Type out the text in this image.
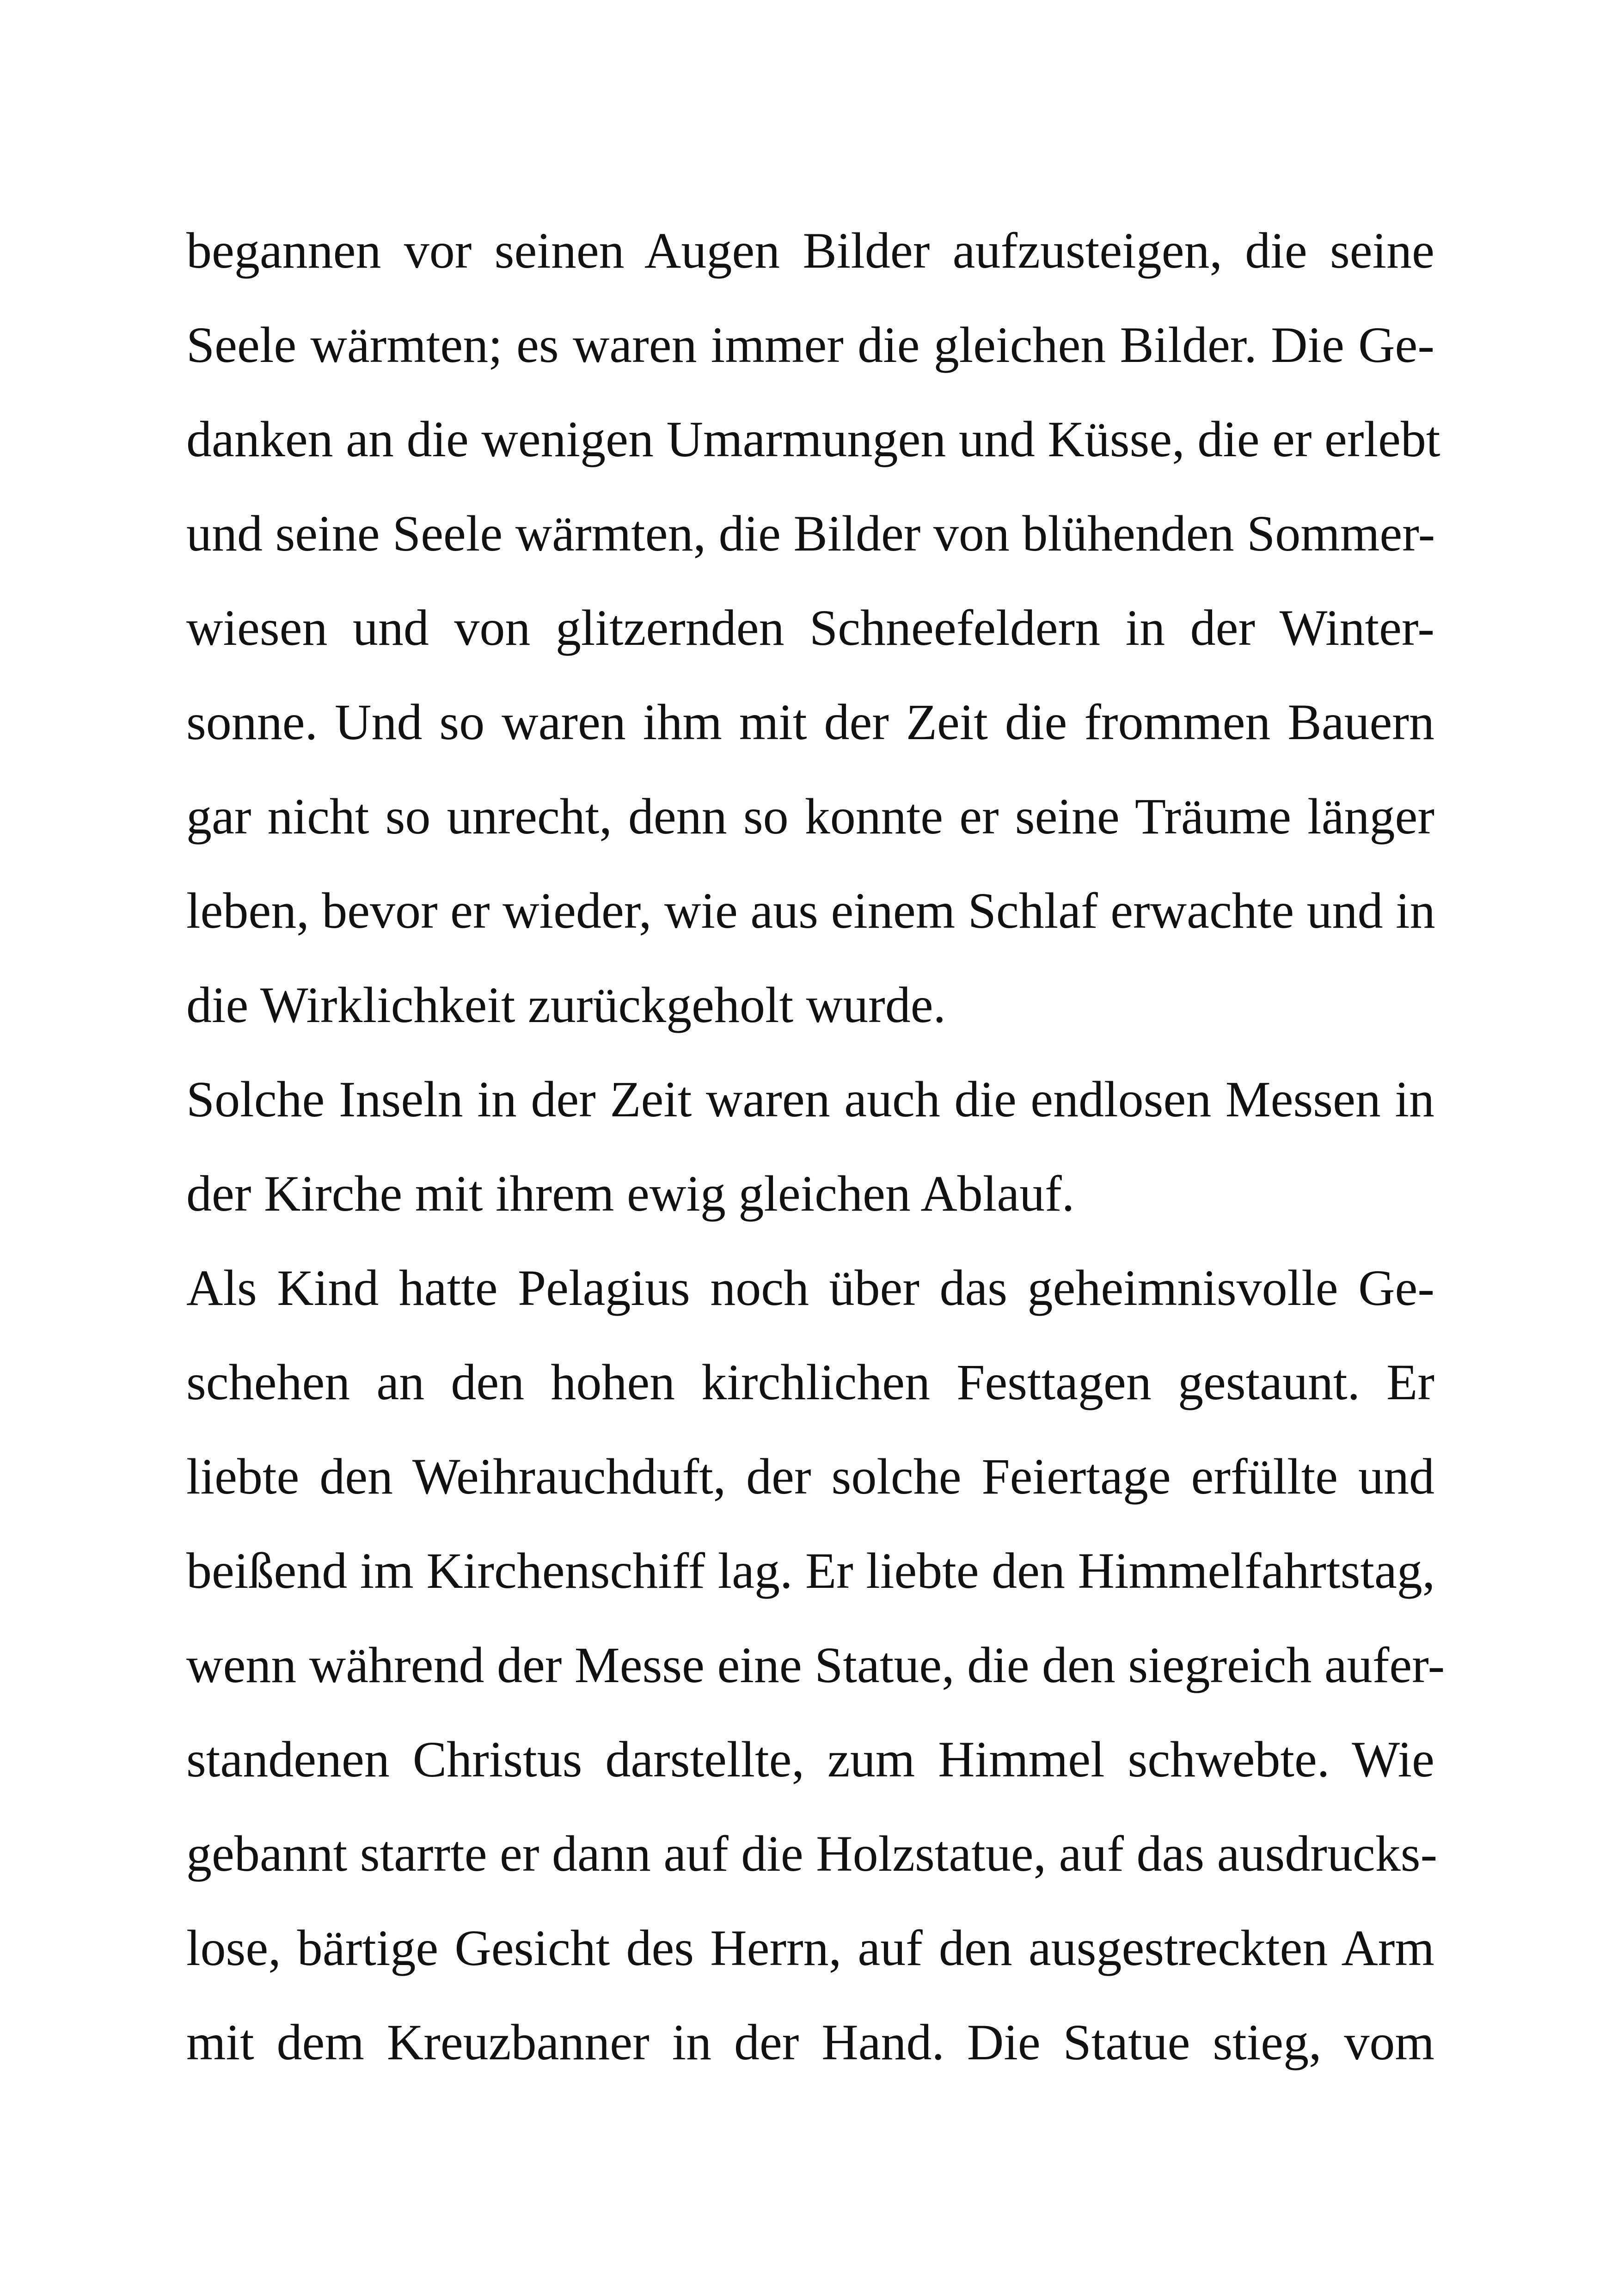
begannen vor seinen Augen Bilder aufzusteigen, die seine
Seele wärmten; es waren immer die gleichen Bilder. Die Ge-
danken an die wenigen Umarmungen und Küsse, die er erlebt
und seine Seele wärmten, die Bilder von blühenden Sommer-
wiesen und von glitzernden Schneefeldern in der Winter-
sonne. Und so waren ihm mit der Zeit die frommen Bauern
gar nicht so unrecht, denn so konnte er seine Träume länger
leben, bevor er wieder, wie aus einem Schlaf erwachte und in
die Wirklichkeit zurückgeholt wurde.
Solche Inseln in der Zeit waren auch die endlosen Messen in
der Kirche mit ihrem ewig gleichen Ablauf.
Als Kind hatte Pelagius noch über das geheimnisvolle Ge-
schehen an den hohen kirchlichen Festtagen gestaunt. Er
liebte den Weihrauchduft, der solche Feiertage erfüllte und
beißend im Kirchenschiff lag. Er liebte den Himmelfahrtstag,
wenn während der Messe eine Statue, die den siegreich aufer-
standenen Christus darstellte, zum Himmel schwebte. Wie
gebannt starrte er dann auf die Holzstatue, auf das ausdrucks-
lose, bärtige Gesicht des Herrn, auf den ausgestreckten Arm
mit dem Kreuzbanner in der Hand. Die Statue stieg, vom
